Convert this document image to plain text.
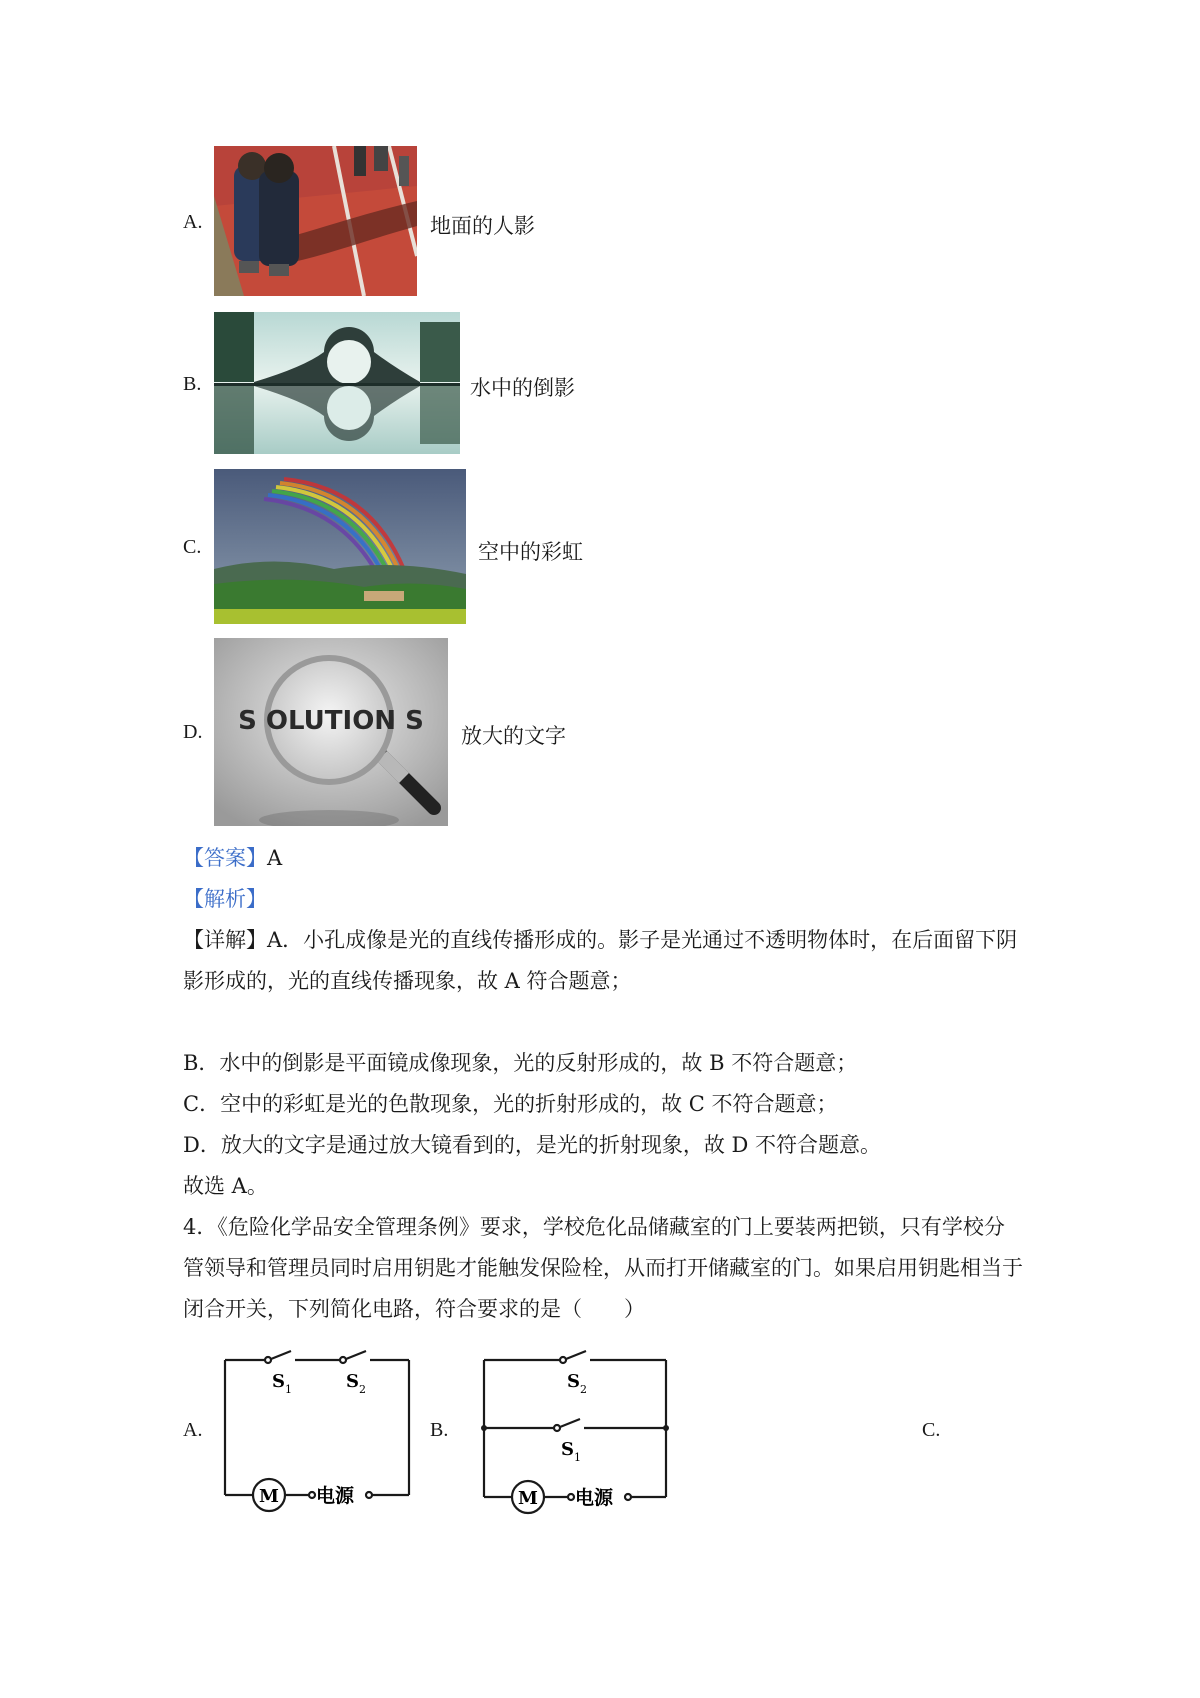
A.	地面的人影
B.	水中的倒影
C.	空中的彩虹
D. S OLUTION S 放大的文字
【答案】A
【解析】
【详解】A．小孔成像是光的直线传播形成的。影子是光通过不透明物体时，在后面留下阴
影形成的，光的直线传播现象，故 A 符合题意；
B．水中的倒影是平面镜成像现象，光的反射形成的，故 B 不符合题意；
C．空中的彩虹是光的色散现象，光的折射形成的，故 C 不符合题意；
D．放大的文字是通过放大镜看到的，是光的折射现象，故 D 不符合题意。
故选 A。
4．《危险化学品安全管理条例》要求，学校危化品储藏室的门上要装两把锁，只有学校分
管领导和管理员同时启用钥匙才能触发保险栓，从而打开储藏室的门。如果启用钥匙相当于
闭合开关，下列简化电路，符合要求的是（　　）
A.
M 电源
S 1	S 2
B.
M 电源
S 2
S 1
C.
